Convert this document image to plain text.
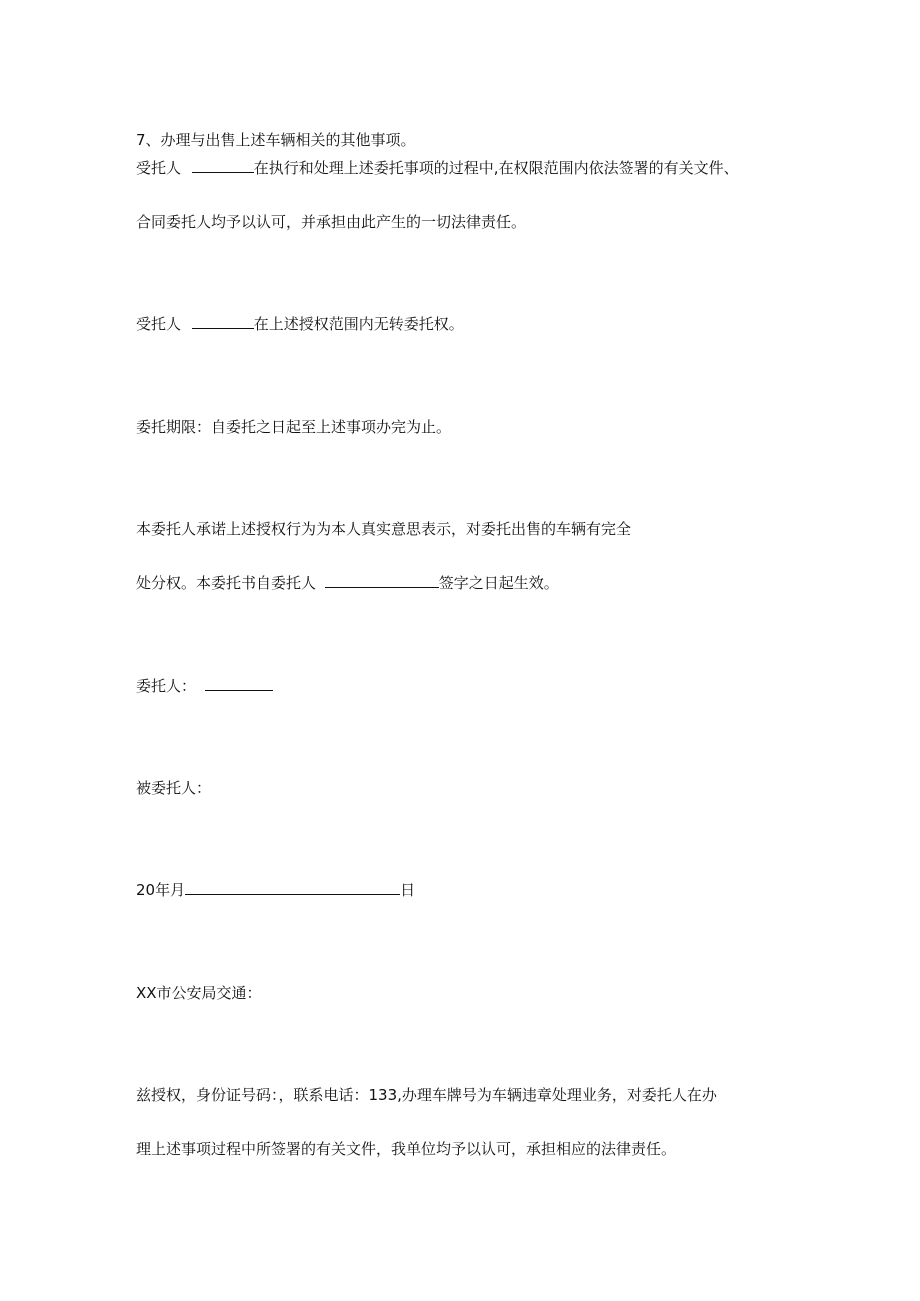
7、办理与出售上述车辆相关的其他事项。
受托人	在执行和处理上述委托事项的过程中,在权限范围内依法签署的有关文件、
合同委托人均予以认可，并承担由此产生的一切法律责任。
受托人	在上述授权范围内无转委托权。
委托期限：自委托之日起至上述事项办完为止。
本委托人承诺上述授权行为为本人真实意思表示，对委托出售的车辆有完全
处分权。本委托书自委托人	签字之日起生效。
委托人：
被委托人：
20年月	日
XX市公安局交通：
兹授权，身份证号码：，联系电话：133,办理车牌号为车辆违章处理业务，对委托人在办
理上述事项过程中所签署的有关文件，我单位均予以认可，承担相应的法律责任。
